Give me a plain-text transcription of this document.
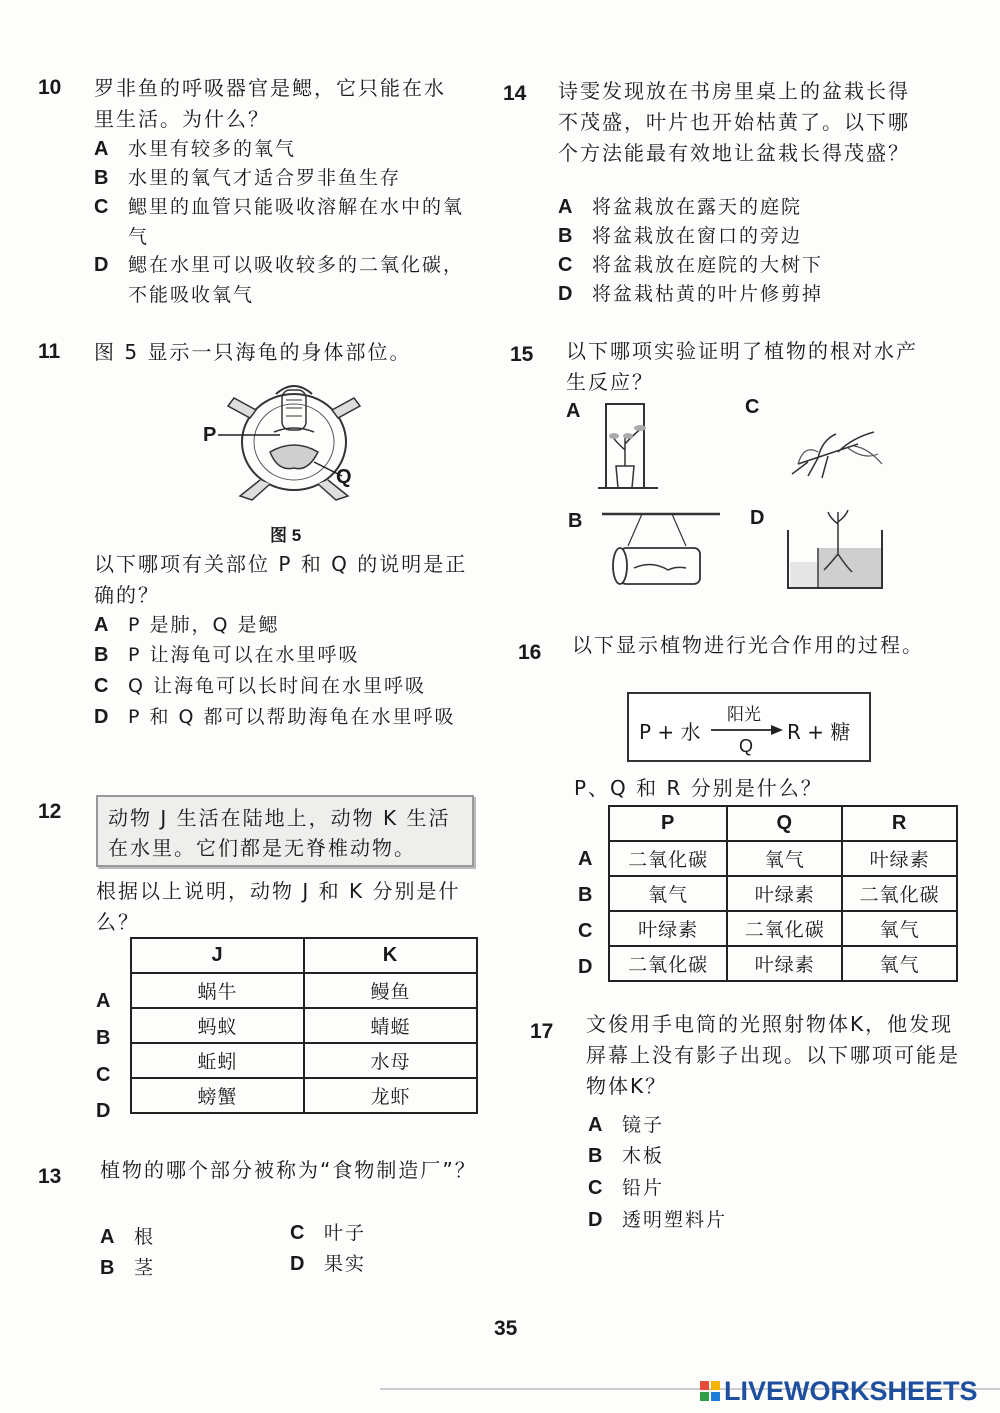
10 罗非鱼的呼吸器官是鳃，它只能在水里生活。为什么？
A 水里有较多的氧气
B 水里的氧气才适合罗非鱼生存
C	鳃里的血管只能吸收溶解在水中的氧气
D	鳃在水里可以吸收较多的二氧化碳，不能吸收氧气
11 图 5 显示一只海龟的身体部位。
P
Q
图 5
以下哪项有关部位 P 和 Q 的说明是正确的？
A P 是肺，Q 是鳃
B P 让海龟可以在水里呼吸
C Q 让海龟可以长时间在水里呼吸
D	P 和 Q 都可以帮助海龟在水里呼吸
12	动物 J 生活在陆地上，动物 K 生活在水里。它们都是无脊椎动物。
根据以上说明，动物 J 和 K 分别是什么？
J	K
蜗牛	鳗鱼
蚂蚁	蜻蜓
蚯蚓	水母
螃蟹	龙虾
A
B
C
D
13 植物的哪个部分被称为“食物制造厂”？
A 根
B 茎
C 叶子
D 果实
14 诗雯发现放在书房里桌上的盆栽长得不茂盛，叶片也开始枯黄了。以下哪个方法能最有效地让盆栽长得茂盛？
A 将盆栽放在露天的庭院
B 将盆栽放在窗口的旁边
C 将盆栽放在庭院的大树下
D 将盆栽枯黄的叶片修剪掉
15 以下哪项实验证明了植物的根对水产生反应？
A	C
B	D
16 以下显示植物进行光合作用的过程。
P + 水
阳光
Q
R + 糖
P、Q 和 R 分别是什么？
P	Q	R
二氧化碳	氧气	叶绿素
氧气	叶绿素	二氧化碳
叶绿素	二氧化碳	氧气
二氧化碳	叶绿素	氧气
A
B
C
D
17 文俊用手电筒的光照射物体K，他发现屏幕上没有影子出现。以下哪项可能是物体K？
A 镜子
B 木板
C 铅片
D 透明塑料片
35
LIVEWORKSHEETS
